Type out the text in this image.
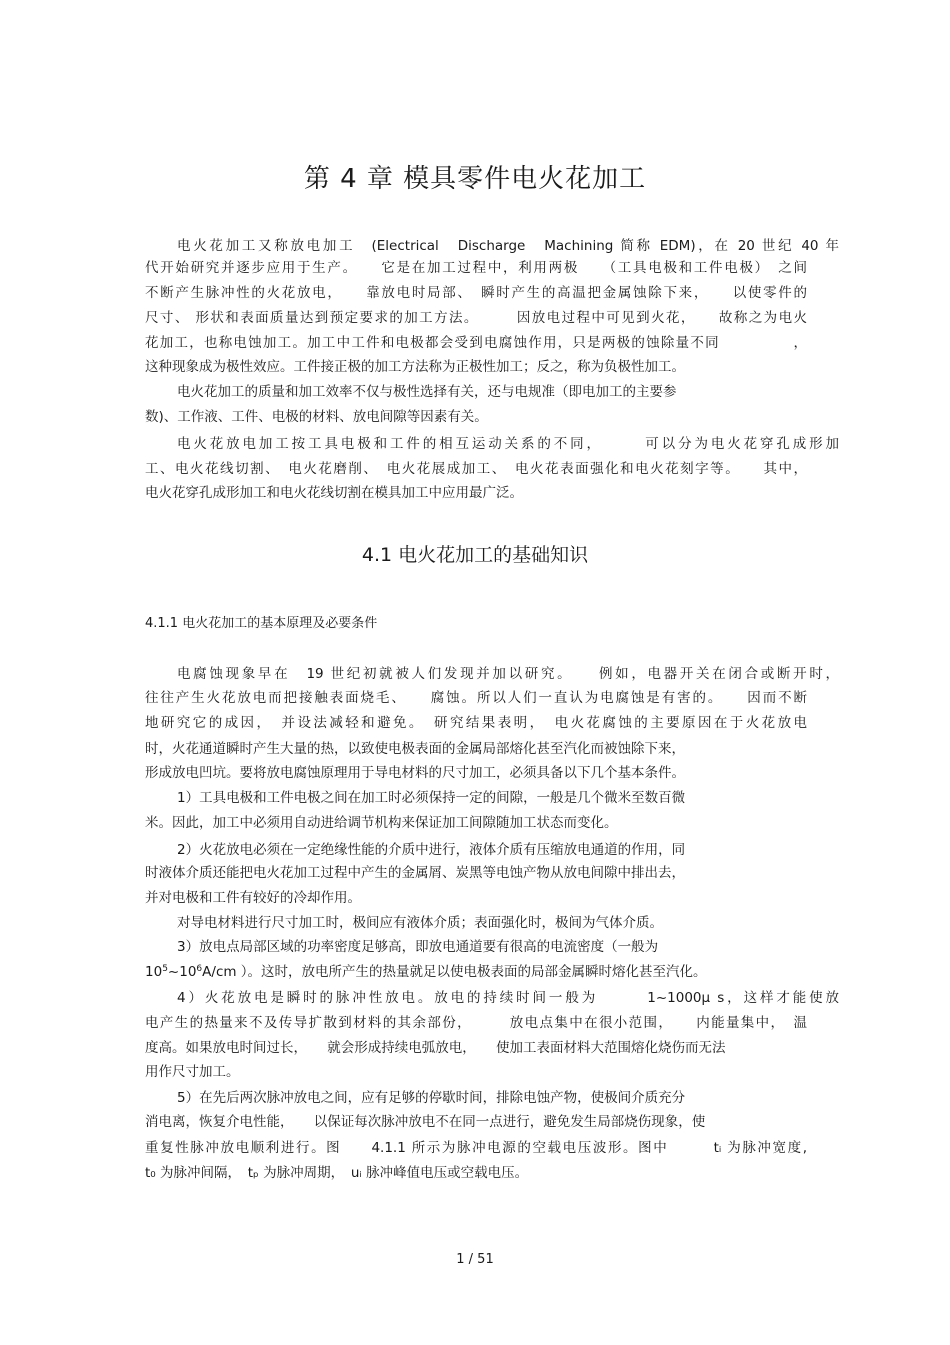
第 4 章 模具零件电火花加工
电火花加工又称放电加工　(Electrical　Discharge　Machining 简称 EDM)，在 20 世纪 40 年
代开始研究并逐步应用于生产。　　它是在加工过程中，利用两极　　（工具电极和工件电极）　之间
不断产生脉冲性的火花放电，　　靠放电时局部、　瞬时产生的高温把金属蚀除下来，　　以使零件的
尺寸、 形状和表面质量达到预定要求的加工方法。　　　因放电过程中可见到火花，　　故称之为电火
花加工，也称电蚀加工。加工中工件和电极都会受到电腐蚀作用，只是两极的蚀除量不同　　　　　，
这种现象成为极性效应。工件接正极的加工方法称为正极性加工；反之，称为负极性加工。
电火花加工的质量和加工效率不仅与极性选择有关，还与电规准（即电加工的主要参
数)、工作液、工件、电极的材料、放电间隙等因素有关。
电火花放电加工按工具电极和工件的相互运动关系的不同，　　　可以分为电火花穿孔成形加
工、电火花线切割、　电火花磨削、　电火花展成加工、　电火花表面强化和电火花刻字等。　　其中，
电火花穿孔成形加工和电火花线切割在模具加工中应用最广泛。
4.1 电火花加工的基础知识
4.1.1 电火花加工的基本原理及必要条件
电腐蚀现象早在　19 世纪初就被人们发现并加以研究。　　例如，电器开关在闭合或断开时，
往往产生火花放电而把接触表面烧毛、　　腐蚀。所以人们一直认为电腐蚀是有害的。　　因而不断
地研究它的成因，　并设法减轻和避免。　研究结果表明，　电火花腐蚀的主要原因在于火花放电
时，火花通道瞬时产生大量的热，以致使电极表面的金属局部熔化甚至汽化而被蚀除下来，
形成放电凹坑。要将放电腐蚀原理用于导电材料的尺寸加工，必须具备以下几个基本条件。
1）工具电极和工件电极之间在加工时必须保持一定的间隙，一般是几个微米至数百微
米。因此，加工中必须用自动进给调节机构来保证加工间隙随加工状态而变化。
2）火花放电必须在一定绝缘性能的介质中进行，液体介质有压缩放电通道的作用，同
时液体介质还能把电火花加工过程中产生的金属屑、炭黑等电蚀产物从放电间隙中排出去，
并对电极和工件有较好的冷却作用。
对导电材料进行尺寸加工时，极间应有液体介质；表面强化时，极间为气体介质。
3）放电点局部区域的功率密度足够高，即放电通道要有很高的电流密度（一般为
$10^5\sim 10^6A/cm$ ）。这时，放电所产生的热量就足以使电极表面的局部金属瞬时熔化甚至汽化。
4）火花放电是瞬时的脉冲性放电。放电的持续时间一般为　　　1~1000μ s，这样才能使放
电产生的热量来不及传导扩散到材料的其余部份，　　　放电点集中在很小范围，　　内能量集中，　温
度高。如果放电时间过长，　　就会形成持续电弧放电，　　使加工表面材料大范围熔化烧伤而无法
用作尺寸加工。
5）在先后两次脉冲放电之间，应有足够的停歇时间，排除电蚀产物，使极间介质充分
消电离，恢复介电性能，　　以保证每次脉冲放电不在同一点进行，避免发生局部烧伤现象，使
重复性脉冲放电顺利进行。图　　4.1.1 所示为脉冲电源的空载电压波形。图中　　　tᵢ 为脉冲宽度,
t₀ 为脉冲间隔，　tₚ 为脉冲周期，　uᵢ 脉冲峰值电压或空载电压。
1 / 51
